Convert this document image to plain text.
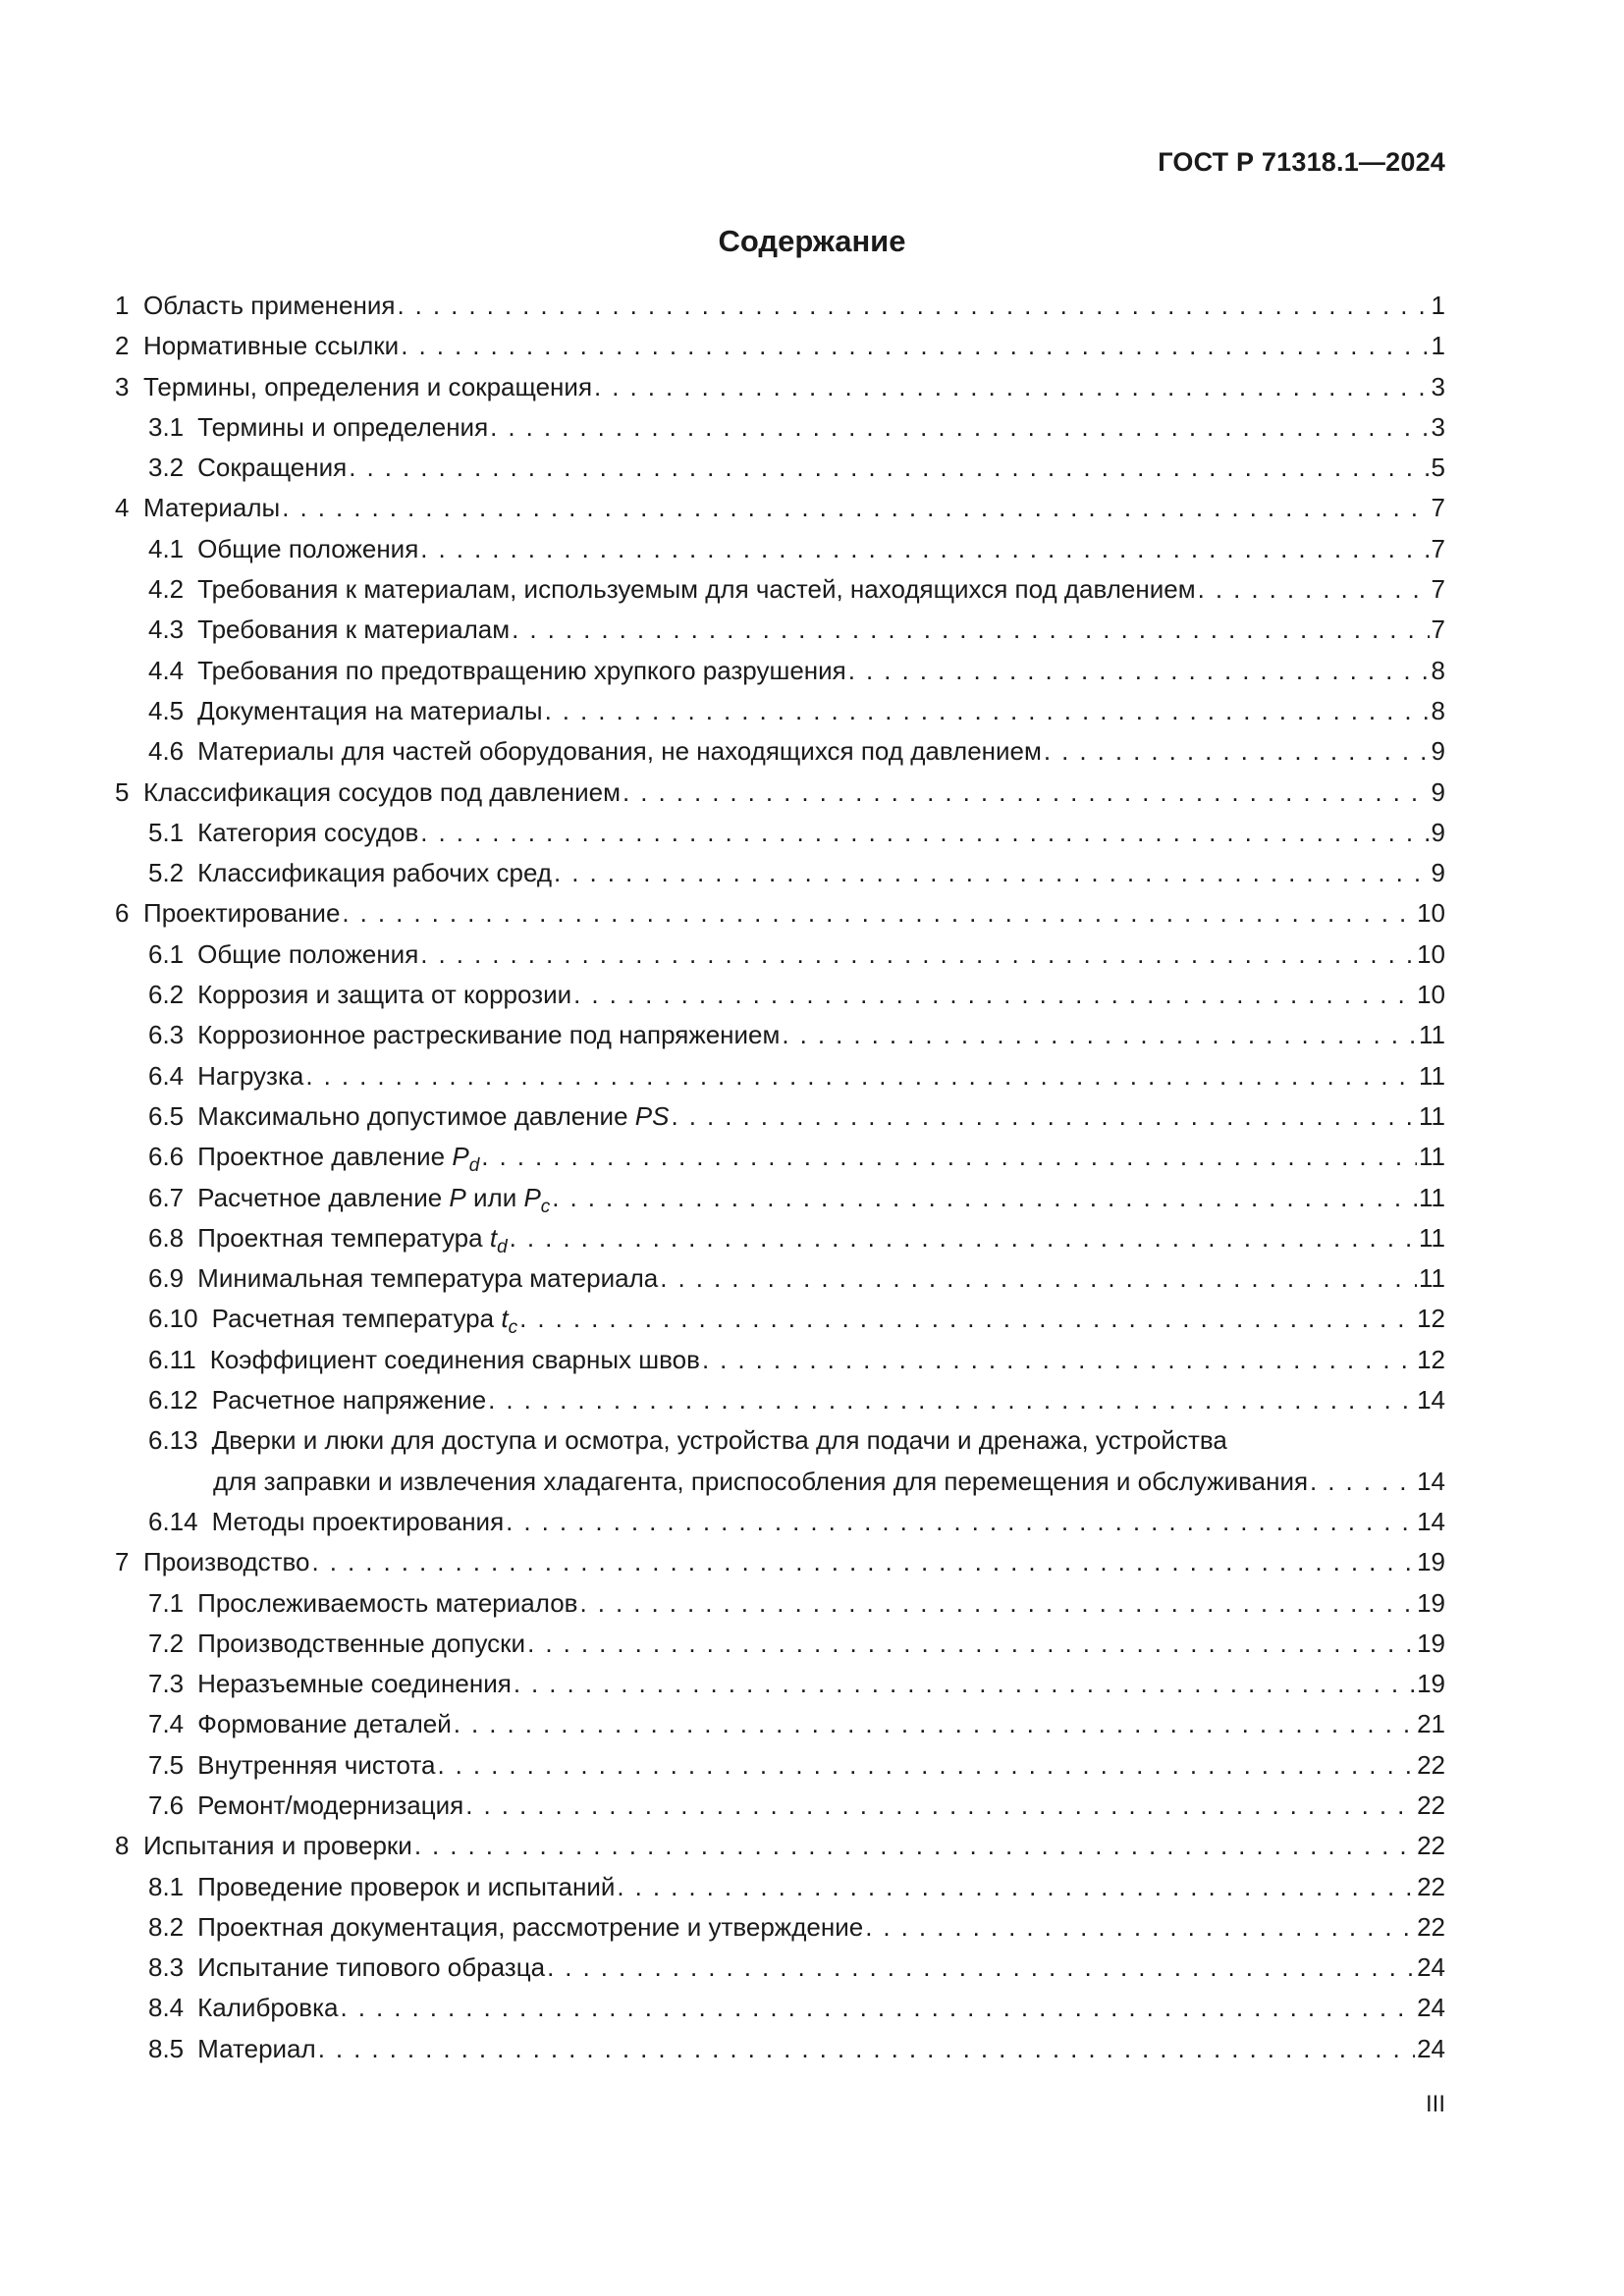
ГОСТ Р 71318.1—2024
Содержание
1 Область применения . . .	1
2 Нормативные ссылки . . .	1
3 Термины, определения и сокращения . . .	3
3.1 Термины и определения . . .	3
3.2 Сокращения . . .	5
4 Материалы . . .	7
4.1 Общие положения . . .	7
4.2 Требования к материалам, используемым для частей, находящихся под давлением . . .	7
4.3 Требования к материалам . . .	7
4.4 Требования по предотвращению хрупкого разрушения . . .	8
4.5 Документация на материалы . . .	8
4.6 Материалы для частей оборудования, не находящихся под давлением . . .	9
5 Классификация сосудов под давлением . . .	9
5.1 Категория сосудов . . .	9
5.2 Классификация рабочих сред . . .	9
6 Проектирование . . .	10
6.1 Общие положения . . .	10
6.2 Коррозия и защита от коррозии . . .	10
6.3 Коррозионное растрескивание под напряжением . . .	11
6.4 Нагрузка . . .	11
6.5 Максимально допустимое давление PS . . .	11
6.6 Проектное давление $P_d$ . . .	11
6.7 Расчетное давление P или $P_c$ . . .	11
6.8 Проектная температура $t_d$ . . .	11
6.9 Минимальная температура материала . . .	11
6.10 Расчетная температура $t_c$ . . .	12
6.11 Коэффициент соединения сварных швов . . .	12
6.12 Расчетное напряжение . . .	14
6.13 Дверки и люки для доступа и осмотра, устройства для подачи и дренажа, устройства
для заправки и извлечения хладагента, приспособления для перемещения и обслуживания . . .	14
6.14 Методы проектирования . . .	14
7 Производство . . .	19
7.1 Прослеживаемость материалов . . .	19
7.2 Производственные допуски . . .	19
7.3 Неразъемные соединения . . .	19
7.4 Формование деталей . . .	21
7.5 Внутренняя чистота . . .	22
7.6 Ремонт/модернизация . . .	22
8 Испытания и проверки . . .	22
8.1 Проведение проверок и испытаний . . .	22
8.2 Проектная документация, рассмотрение и утверждение . . .	22
8.3 Испытание типового образца . . .	24
8.4 Калибровка . . .	24
8.5 Материал . . .	24
III
